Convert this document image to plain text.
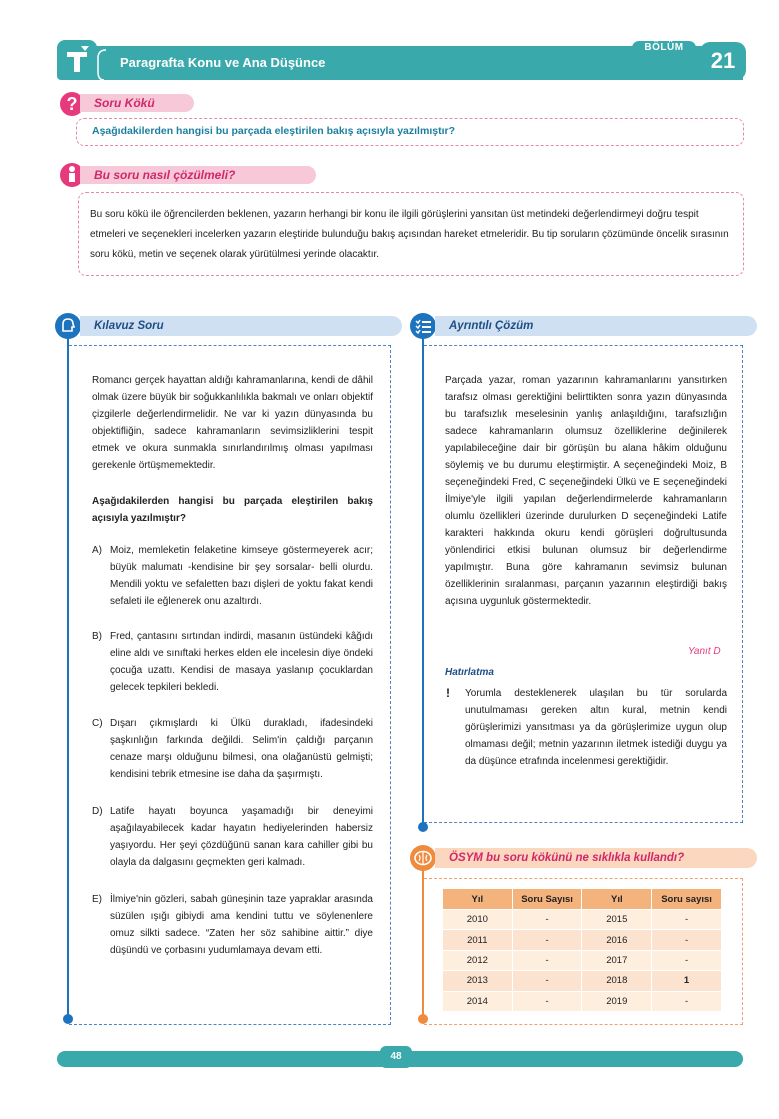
Paragrafta Konu ve Ana Düşünce
BÖLÜM
21
?	Soru Kökü
Aşağıdakilerden hangisi bu parçada eleştirilen bakış açısıyla yazılmıştır?
Bu soru nasıl çözülmeli?
Bu soru kökü ile öğrencilerden beklenen, yazarın herhangi bir konu ile ilgili görüşlerini yansıtan üst metindeki değerlendirmeyi doğru tespit etmeleri ve seçenekleri incelerken yazarın eleştiride bulunduğu bakış açısından hareket etmeleridir. Bu tip soruların çözümünde öncelik sırasının soru kökü, metin ve seçenek olarak yürütülmesi yerinde olacaktır.
Kılavuz Soru
Romancı gerçek hayattan aldığı kahramanlarına, kendi de dâhil olmak üzere büyük bir soğukkanlılıkla bakmalı ve onları objektif çizgilerle değerlendirmelidir. Ne var ki yazın dünyasında bu objektifliğin, sadece kahramanların sevimsizliklerini tespit etmek ve okura sunmakla sınırlandırılmış olması yapılması gerekenle örtüşmemektedir.
Aşağıdakilerden hangisi bu parçada eleştirilen bakış açısıyla yazılmıştır?
A) Moiz, memleketin felaketine kimseye göstermeyerek acır; büyük malumatı -kendisine bir şey sorsalar- belli olurdu. Mendili yoktu ve sefaletten bazı dişleri de yoktu fakat kendi sefaleti ile eğlenerek onu azaltırdı.
B) Fred, çantasını sırtından indirdi, masanın üstündeki kâğıdı eline aldı ve sınıftaki herkes elden ele incelesin diye öndeki çocuğa uzattı. Kendisi de masaya yaslanıp çocuklardan gelecek tepkileri bekledi.
C) Dışarı çıkmışlardı ki Ülkü durakladı, ifadesindeki şaşkınlığın farkında değildi. Selim'in çaldığı parçanın cenaze marşı olduğunu bilmesi, ona olağanüstü gelmişti; kendisini tebrik etmesine ise daha da şaşırmıştı.
D) Latife hayatı boyunca yaşamadığı bir deneyimi aşağılayabilecek kadar hayatın hediyelerinden habersiz yaşıyordu. Her şeyi çözdüğünü sanan kara cahiller gibi bu olayla da dalgasını geçmekten geri kalmadı.
E) İlmiye'nin gözleri, sabah güneşinin taze yapraklar arasında süzülen ışığı gibiydi ama kendini tuttu ve söylenenlere omuz silkti sadece. “Zaten her söz sahibine aittir.” diye düşündü ve çorbasını yudumlamaya devam etti.
Ayrıntılı Çözüm
Parçada yazar, roman yazarının kahramanlarını yansıtırken tarafsız olması gerektiğini belirttikten sonra yazın dünyasında bu tarafsızlık meselesinin yanlış anlaşıldığını, tarafsızlığın sadece kahramanların olumsuz özelliklerine değinilerek yapılabileceğine dair bir görüşün bu alana hâkim olduğunu söylemiş ve bu durumu eleştirmiştir. A seçeneğindeki Moiz, B seçeneğindeki Fred, C seçeneğindeki Ülkü ve E seçeneğindeki İlmiye'yle ilgili yapılan değerlendirmelerde kahramanların olumlu özellikleri üzerinde durulurken D seçeneğindeki Latife karakteri hakkında okuru kendi görüşleri doğrultusunda yönlendirici etkisi bulunan olumsuz bir değerlendirme yapılmıştır. Buna göre kahramanın sevimsiz bulunan özelliklerinin sıralanması, parçanın yazarının eleştirdiği bakış açısına uygunluk göstermektedir.
Yanıt D
Hatırlatma
! Yorumla desteklenerek ulaşılan bu tür sorularda unutulmaması gereken altın kural, metnin kendi görüşlerimizi yansıtması ya da görüşlerimize uygun olup olmaması değil; metnin yazarının iletmek istediği duygu ya da düşünce etrafında incelenmesi gerektiğidir.
ÖSYM bu soru kökünü ne sıklıkla kullandı?
Yıl	Soru Sayısı	Yıl	Soru sayısı
2010	-	2015	-
2011	-	2016	-
2012	-	2017	-
2013	-	2018	1
2014	-	2019	-
48
